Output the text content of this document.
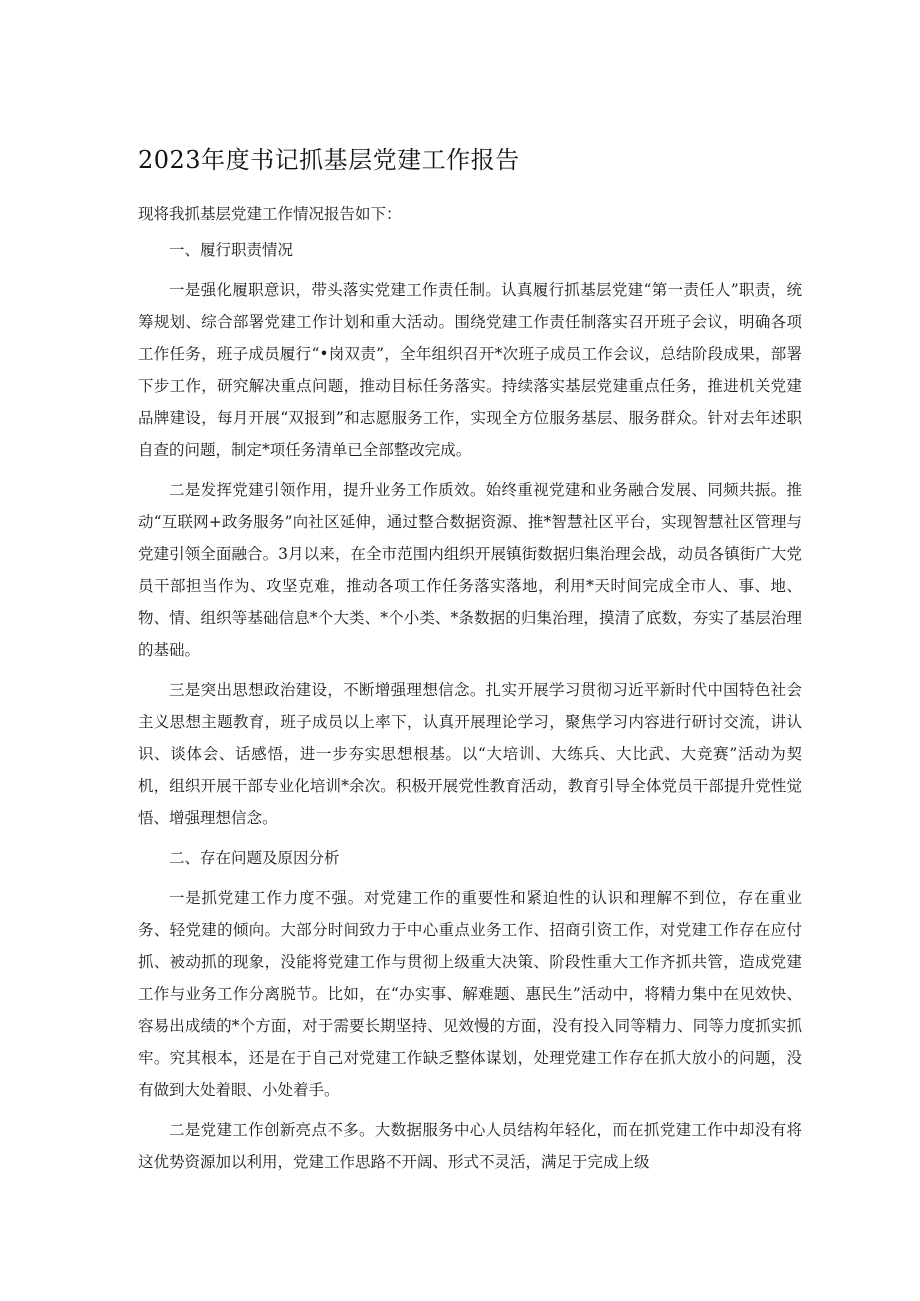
2023年度书记抓基层党建工作报告
现将我抓基层党建工作情况报告如下：
一、履行职责情况

一是强化履职意识，带头落实党建工作责任制。认真履行抓基层党建“第一责任人”职责，统筹规划、综合部署党建工作计划和重大活动。围绕党建工作责任制落实召开班子会议，明确各项工作任务，班子成员履行“•岗双责”，全年组织召开*次班子成员工作会议，总结阶段成果，部署下步工作，研究解决重点问题，推动目标任务落实。持续落实基层党建重点任务，推进机关党建品牌建设，每月开展“双报到”和志愿服务工作，实现全方位服务基层、服务群众。针对去年述职自查的问题，制定*项任务清单已全部整改完成。

二是发挥党建引领作用，提升业务工作质效。始终重视党建和业务融合发展、同频共振。推动“互联网+政务服务”向社区延伸，通过整合数据资源、推*智慧社区平台，实现智慧社区管理与党建引领全面融合。3月以来，在全市范围内组织开展镇街数据归集治理会战，动员各镇街广大党员干部担当作为、攻坚克难，推动各项工作任务落实落地，利用*天时间完成全市人、事、地、物、情、组织等基础信息*个大类、*个小类、*条数据的归集治理，摸清了底数，夯实了基层治理的基础。

三是突出思想政治建设，不断增强理想信念。扎实开展学习贯彻习近平新时代中国特色社会主义思想主题教育，班子成员以上率下，认真开展理论学习，聚焦学习内容进行研讨交流，讲认识、谈体会、话感悟，进一步夯实思想根基。以“大培训、大练兵、大比武、大竞赛”活动为契机，组织开展干部专业化培训*余次。积极开展党性教育活动，教育引导全体党员干部提升党性觉悟、增强理想信念。

二、存在问题及原因分析

一是抓党建工作力度不强。对党建工作的重要性和紧迫性的认识和理解不到位，存在重业务、轻党建的倾向。大部分时间致力于中心重点业务工作、招商引资工作，对党建工作存在应付抓、被动抓的现象，没能将党建工作与贯彻上级重大决策、阶段性重大工作齐抓共管，造成党建工作与业务工作分离脱节。比如，在“办实事、解难题、惠民生”活动中，将精力集中在见效快、容易出成绩的*个方面，对于需要长期坚持、见效慢的方面，没有投入同等精力、同等力度抓实抓牢。究其根本，还是在于自己对党建工作缺乏整体谋划，处理党建工作存在抓大放小的问题，没有做到大处着眼、小处着手。

二是党建工作创新亮点不多。大数据服务中心人员结构年轻化，而在抓党建工作中却没有将这优势资源加以利用，党建工作思路不开阔、形式不灵活，满足于完成上级
